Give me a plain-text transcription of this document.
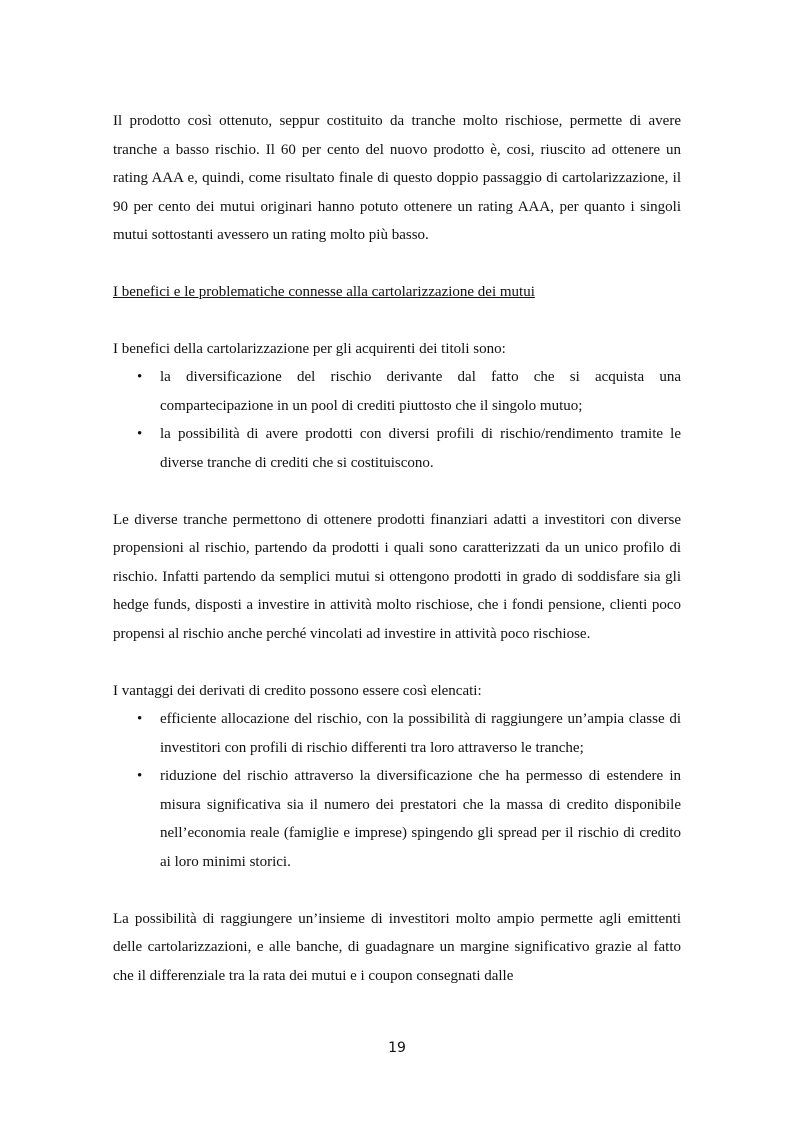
Il prodotto così ottenuto, seppur costituito da tranche molto rischiose, permette di avere tranche a basso rischio. Il 60 per cento del nuovo prodotto è, cosi, riuscito ad ottenere un rating AAA e, quindi, come risultato finale di questo doppio passaggio di cartolarizzazione, il 90 per cento dei mutui originari hanno potuto ottenere un rating AAA, per quanto i singoli mutui sottostanti avessero un rating molto più basso.

I benefici e le problematiche connesse alla cartolarizzazione dei mutui

I benefici della cartolarizzazione per gli acquirenti dei titoli sono:

• la diversificazione del rischio derivante dal fatto che si acquista una compartecipazione in un pool di crediti piuttosto che il singolo mutuo;
• la possibilità di avere prodotti con diversi profili di rischio/rendimento tramite le diverse tranche di crediti che si costituiscono.

Le diverse tranche permettono di ottenere prodotti finanziari adatti a investitori con diverse propensioni al rischio, partendo da prodotti i quali sono caratterizzati da un unico profilo di rischio. Infatti partendo da semplici mutui si ottengono prodotti in grado di soddisfare sia gli hedge funds, disposti a investire in attività molto rischiose, che i fondi pensione, clienti poco propensi al rischio anche perché vincolati ad investire in attività poco rischiose.

I vantaggi dei derivati di credito possono essere così elencati:

• efficiente allocazione del rischio, con la possibilità di raggiungere un’ampia classe di investitori con profili di rischio differenti tra loro attraverso le tranche;
• riduzione del rischio attraverso la diversificazione che ha permesso di estendere in misura significativa sia il numero dei prestatori che la massa di credito disponibile nell’economia reale (famiglie e imprese) spingendo gli spread per il rischio di credito ai loro minimi storici.

La possibilità di raggiungere un’insieme di investitori molto ampio permette agli emittenti delle cartolarizzazioni, e alle banche, di guadagnare un margine significativo grazie al fatto che il differenziale tra la rata dei mutui e i coupon consegnati dalle

19
